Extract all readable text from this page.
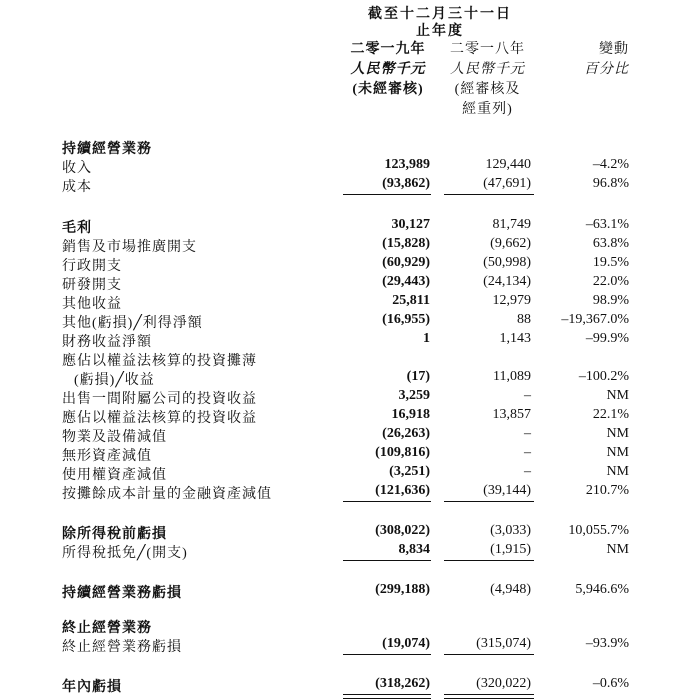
截至十二月三十一日
止年度
二零一九年
人民幣千元
(未經審核)
二零一八年
人民幣千元
(經審核及
經重列)
變動
百分比
持續經營業務
收入	123,989	129,440	–4.2%
成本	(93,862)	(47,691)	96.8%
毛利	30,127	81,749	–63.1%
銷售及市場推廣開支	(15,828)	(9,662)	63.8%
行政開支	(60,929)	(50,998)	19.5%
研發開支	(29,443)	(24,134)	22.0%
其他收益	25,811	12,979	98.9%
其他(虧損)╱利得淨額	(16,955)	88 –19,367.0%
財務收益淨額	1	1,143	–99.9%
應佔以權益法核算的投資攤薄
(虧損)╱收益	(17)	11,089	–100.2%
出售一間附屬公司的投資收益	3,259	–	NM
應佔以權益法核算的投資收益	16,918	13,857	22.1%
物業及設備減值	(26,263)	–	NM
無形資產減值	(109,816)	–	NM
使用權資產減值	(3,251)	–	NM
按攤餘成本計量的金融資產減值	(121,636)	(39,144)	210.7%
除所得稅前虧損	(308,022)	(3,033)	10,055.7%
所得稅抵免╱(開支)	8,834	(1,915)	NM
持續經營業務虧損	(299,188)	(4,948)	5,946.6%
終止經營業務
終止經營業務虧損	(19,074)	(315,074)	–93.9%
年內虧損	(318,262)	(320,022)	–0.6%
